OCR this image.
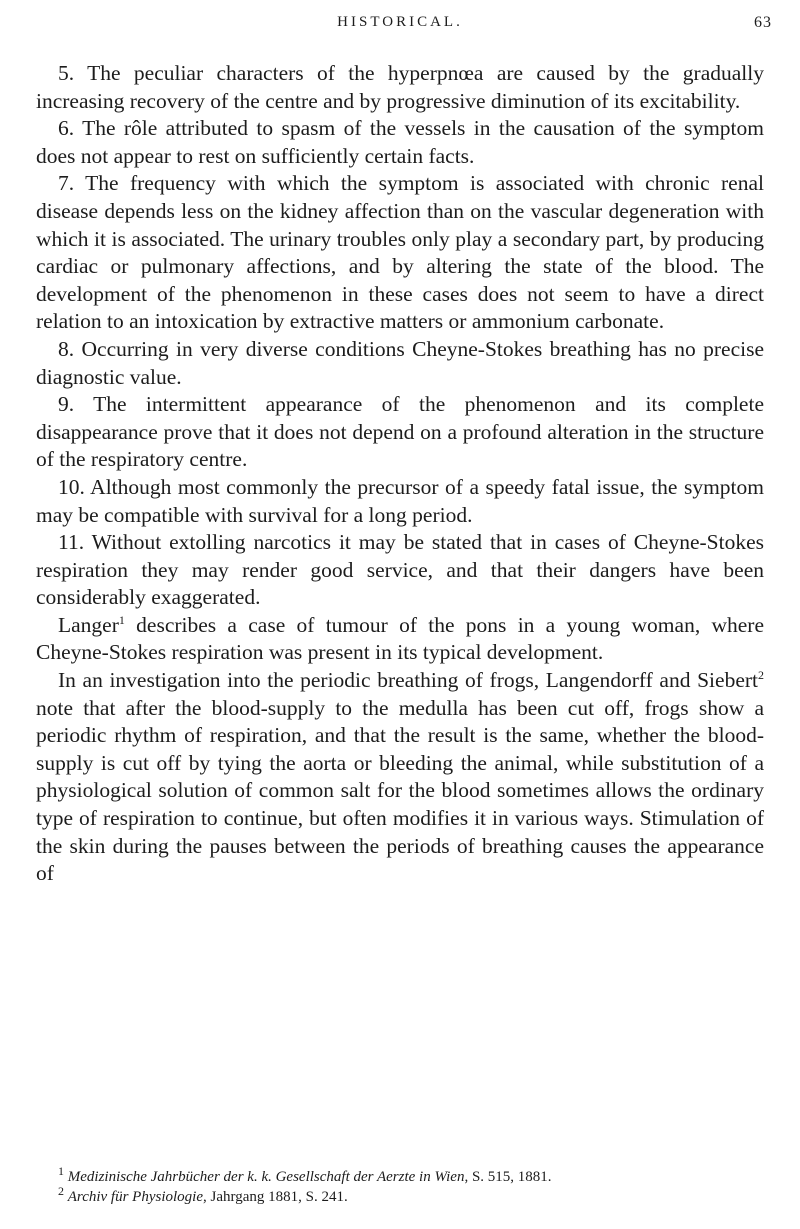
HISTORICAL.	63

5. The peculiar characters of the hyperpnœa are caused by the gradually increasing recovery of the centre and by progressive diminution of its excitability.

6. The rôle attributed to spasm of the vessels in the causation of the symptom does not appear to rest on sufficiently certain facts.

7. The frequency with which the symptom is associated with chronic renal disease depends less on the kidney affection than on the vascular degeneration with which it is associated. The urinary troubles only play a secondary part, by producing cardiac or pulmonary affections, and by altering the state of the blood. The development of the phenomenon in these cases does not seem to have a direct relation to an intoxication by extractive matters or ammonium carbonate.

8. Occurring in very diverse conditions Cheyne-Stokes breathing has no precise diagnostic value.

9. The intermittent appearance of the phenomenon and its complete disappearance prove that it does not depend on a profound alteration in the structure of the respiratory centre.

10. Although most commonly the precursor of a speedy fatal issue, the symptom may be compatible with survival for a long period.

11. Without extolling narcotics it may be stated that in cases of Cheyne-Stokes respiration they may render good service, and that their dangers have been considerably exaggerated.

Langer$^1$ describes a case of tumour of the pons in a young woman, where Cheyne-Stokes respiration was present in its typical development.

In an investigation into the periodic breathing of frogs, Langendorff and Siebert$^2$ note that after the blood-supply to the medulla has been cut off, frogs show a periodic rhythm of respiration, and that the result is the same, whether the blood-supply is cut off by tying the aorta or bleeding the animal, while substitution of a physiological solution of common salt for the blood sometimes allows the ordinary type of respiration to continue, but often modifies it in various ways. Stimulation of the skin during the pauses between the periods of breathing causes the appearance of

$^1$ Medizinische Jahrbücher der k. k. Gesellschaft der Aerzte in Wien, S. 515, 1881.

$^2$ Archiv für Physiologie, Jahrgang 1881, S. 241.
